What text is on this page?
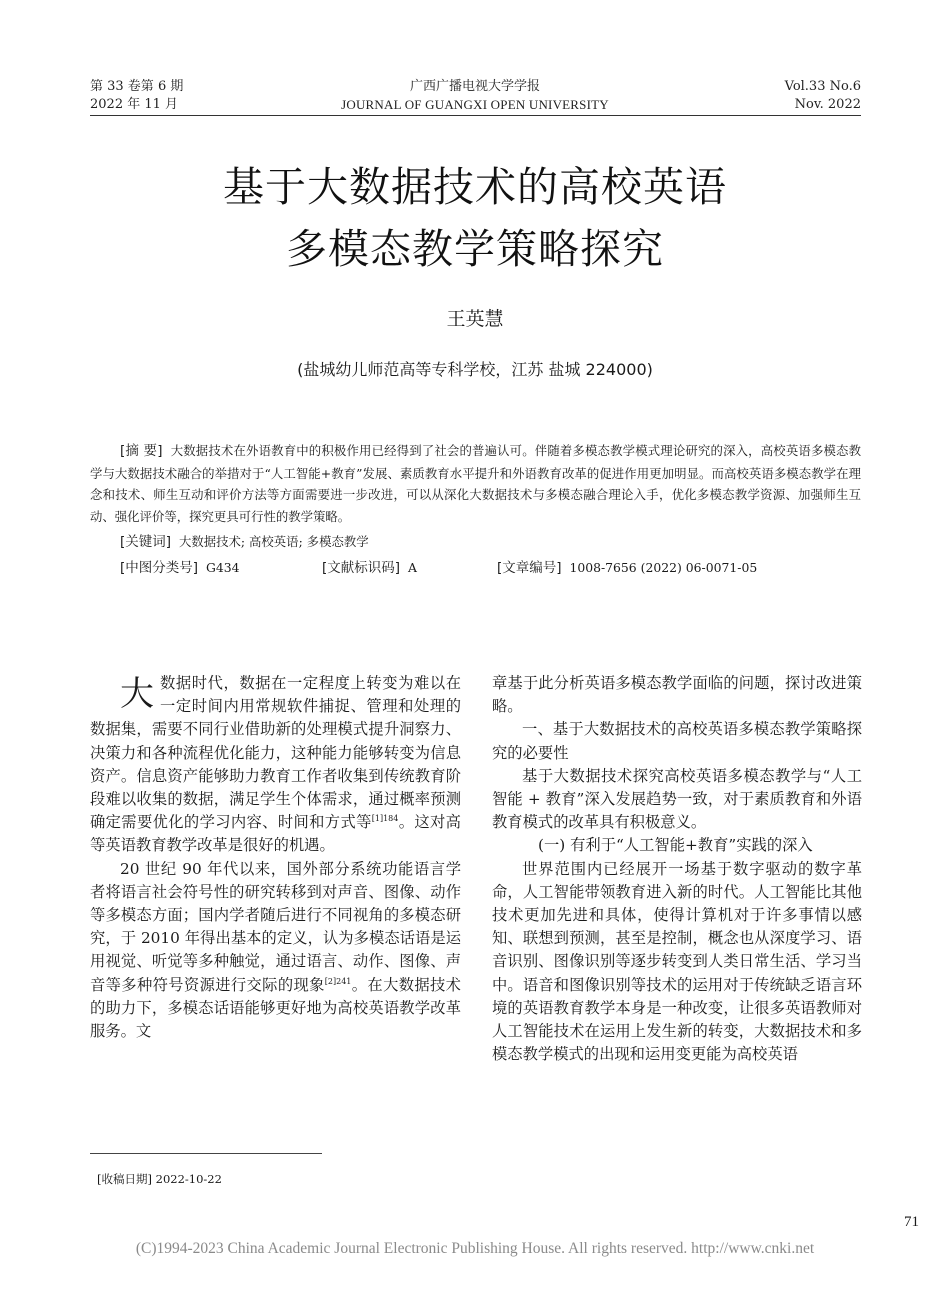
第 33 卷第 6 期
2022 年 11 月
广西广播电视大学学报
JOURNAL OF GUANGXI OPEN UNIVERSITY
Vol.33 No.6
Nov. 2022
基于大数据技术的高校英语
多模态教学策略探究
王英慧
(盐城幼儿师范高等专科学校，江苏 盐城 224000)

[摘 要] 大数据技术在外语教育中的积极作用已经得到了社会的普遍认可。伴随着多模态教学模式理论研究的深入，高校英语多模态教学与大数据技术融合的举措对于“人工智能+教育”发展、素质教育水平提升和外语教育改革的促进作用更加明显。而高校英语多模态教学在理念和技术、师生互动和评价方法等方面需要进一步改进，可以从深化大数据技术与多模态融合理论入手，优化多模态教学资源、加强师生互动、强化评价等，探究更具可行性的教学策略。

[关键词] 大数据技术; 高校英语; 多模态教学
[中图分类号] G434	[文献标识码] A	[文章编号] 1008-7656 (2022) 06-0071-05

大数据时代，数据在一定程度上转变为难以在一定时间内用常规软件捕捉、管理和处理的数据集，需要不同行业借助新的处理模式提升洞察力、决策力和各种流程优化能力，这种能力能够转变为信息资产。信息资产能够助力教育工作者收集到传统教育阶段难以收集的数据，满足学生个体需求，通过概率预测确定需要优化的学习内容、时间和方式等$^{[1]184}$。这对高等英语教育教学改革是很好的机遇。

20 世纪 90 年代以来，国外部分系统功能语言学者将语言社会符号性的研究转移到对声音、图像、动作等多模态方面；国内学者随后进行不同视角的多模态研究，于 2010 年得出基本的定义，认为多模态话语是运用视觉、听觉等多种触觉，通过语言、动作、图像、声音等多种符号资源进行交际的现象$^{[2]241}$。在大数据技术的助力下，多模态话语能够更好地为高校英语教学改革服务。文

章基于此分析英语多模态教学面临的问题，探讨改进策略。

一、基于大数据技术的高校英语多模态教学策略探究的必要性

基于大数据技术探究高校英语多模态教学与“人工智能 + 教育”深入发展趋势一致，对于素质教育和外语教育模式的改革具有积极意义。

(一) 有利于“人工智能+教育”实践的深入

世界范围内已经展开一场基于数字驱动的数字革命，人工智能带领教育进入新的时代。人工智能比其他技术更加先进和具体，使得计算机对于许多事情以感知、联想到预测，甚至是控制，概念也从深度学习、语音识别、图像识别等逐步转变到人类日常生活、学习当中。语音和图像识别等技术的运用对于传统缺乏语言环境的英语教育教学本身是一种改变，让很多英语教师对人工智能技术在运用上发生新的转变，大数据技术和多模态教学模式的出现和运用变更能为高校英语

[收稿日期] 2022-10-22
71
(C)1994-2023 China Academic Journal Electronic Publishing House. All rights reserved. http://www.cnki.net
